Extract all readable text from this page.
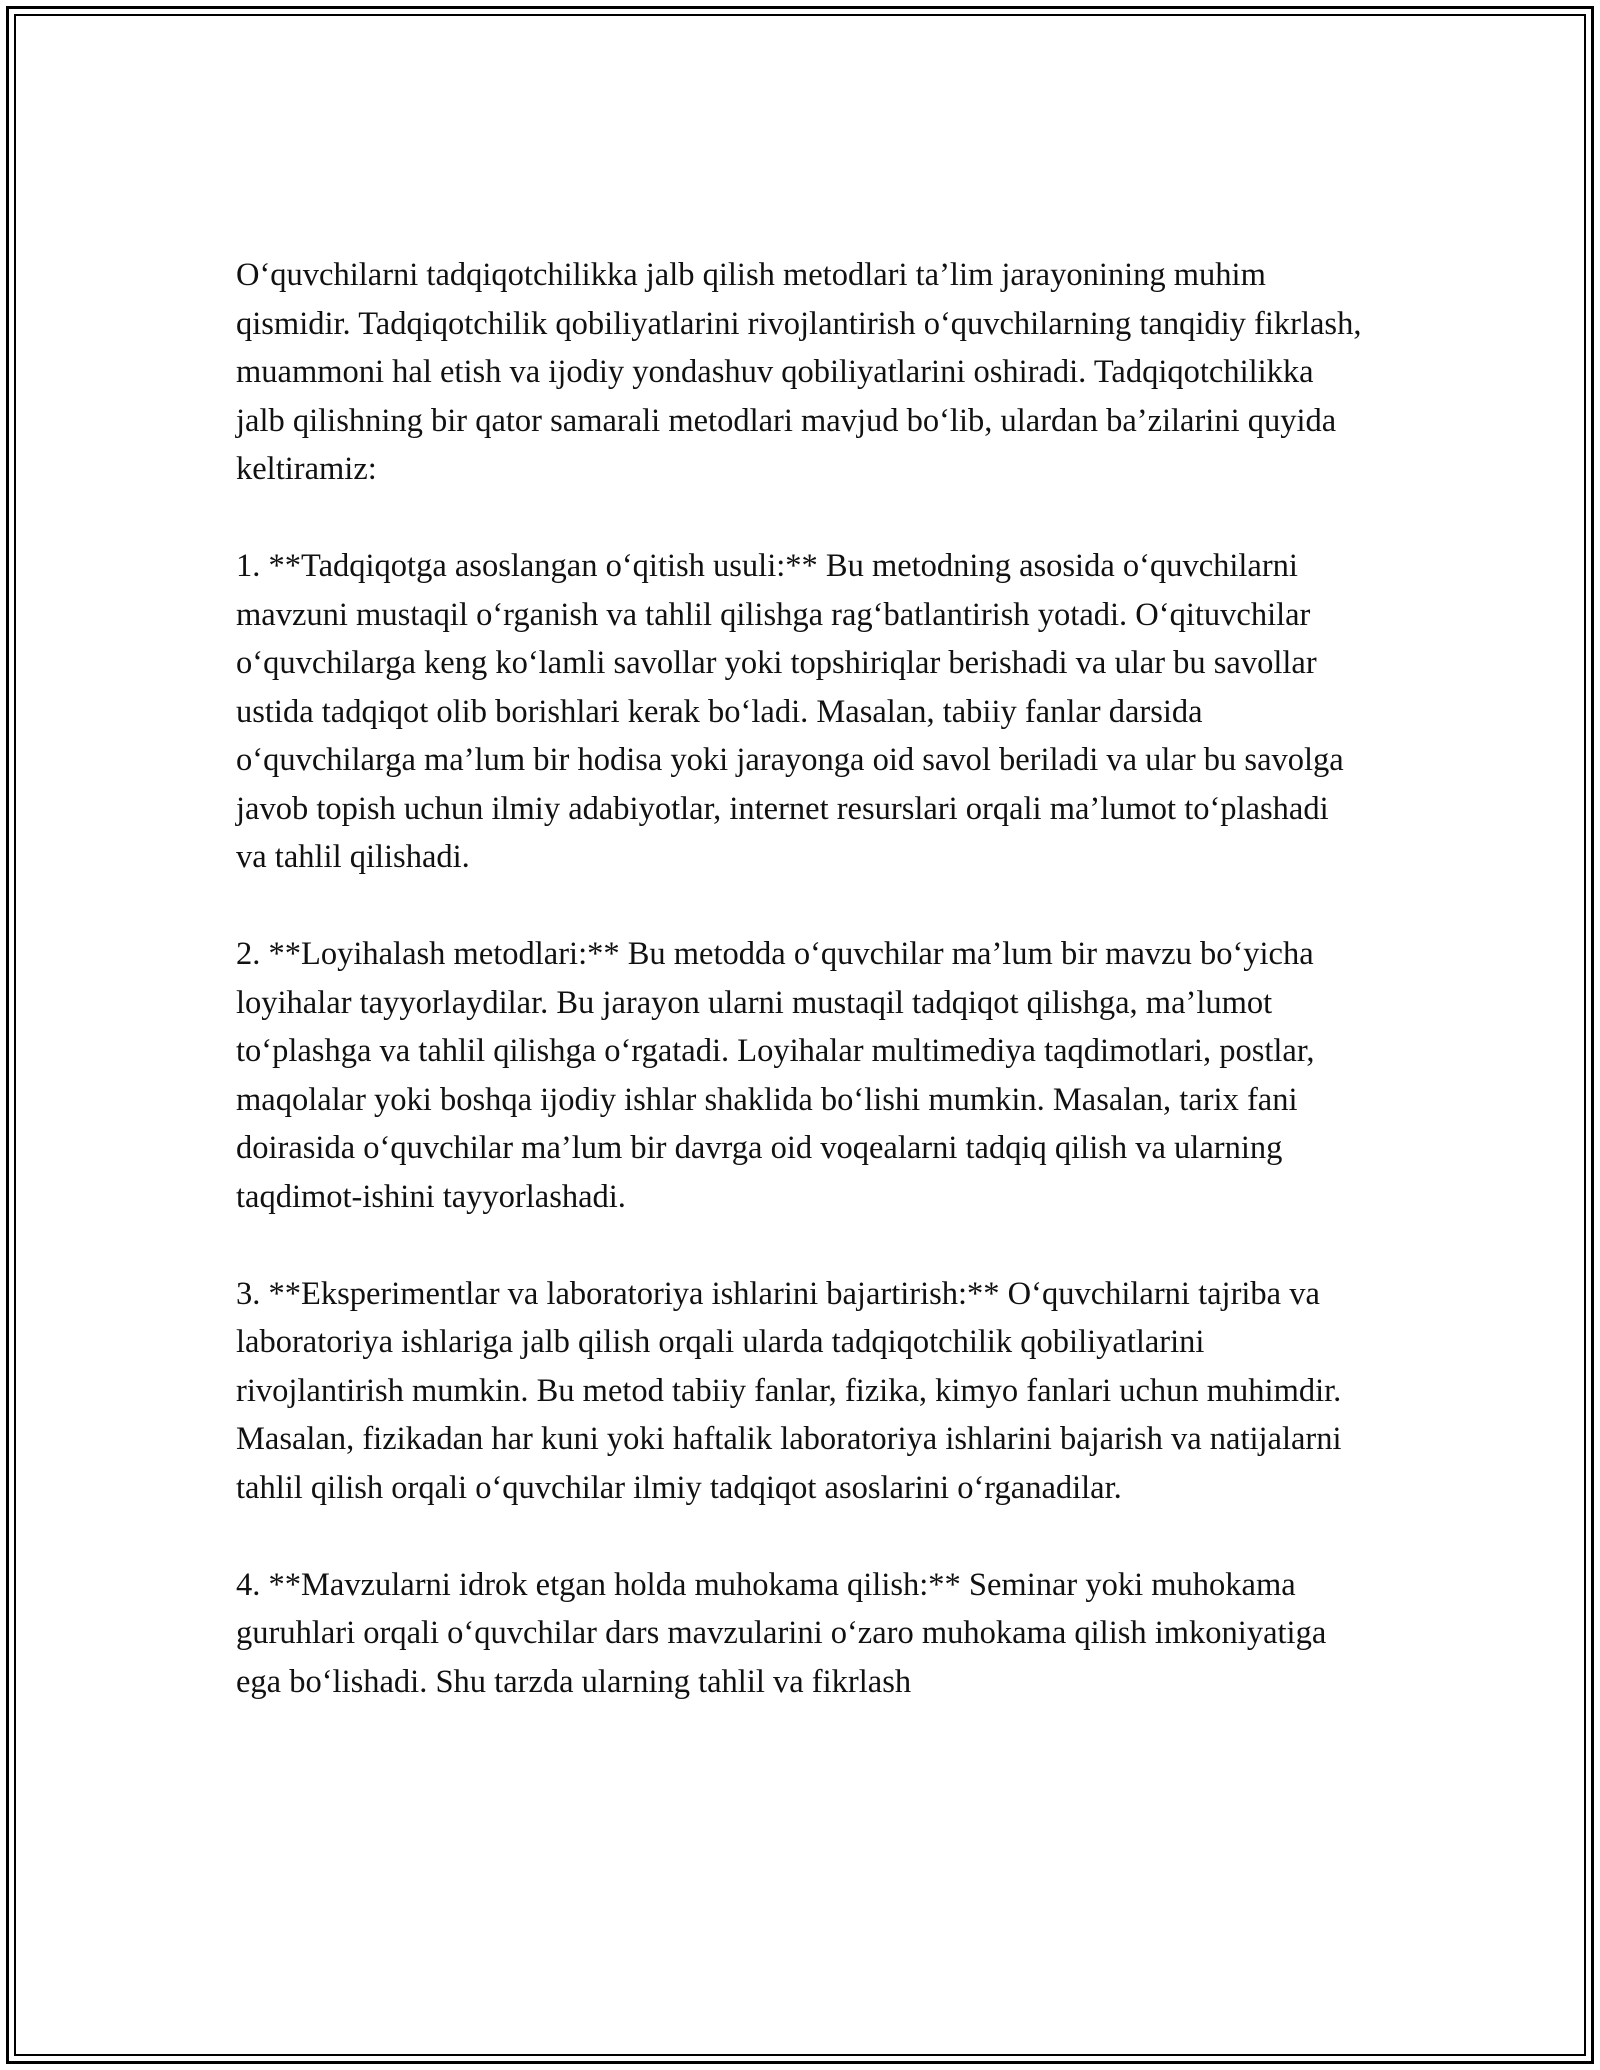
O‘quvchilarni tadqiqotchilikka jalb qilish metodlari ta’lim jarayonining muhim qismidir. Tadqiqotchilik qobiliyatlarini rivojlantirish o‘quvchilarning tanqidiy fikrlash, muammoni hal etish va ijodiy yondashuv qobiliyatlarini oshiradi. Tadqiqotchilikka jalb qilishning bir qator samarali metodlari mavjud bo‘lib, ulardan ba’zilarini quyida keltiramiz:

1. **Tadqiqotga asoslangan o‘qitish usuli:** Bu metodning asosida o‘quvchilarni mavzuni mustaqil o‘rganish va tahlil qilishga rag‘batlantirish yotadi. O‘qituvchilar o‘quvchilarga keng ko‘lamli savollar yoki topshiriqlar berishadi va ular bu savollar ustida tadqiqot olib borishlari kerak bo‘ladi. Masalan, tabiiy fanlar darsida o‘quvchilarga ma’lum bir hodisa yoki jarayonga oid savol beriladi va ular bu savolga javob topish uchun ilmiy adabiyotlar, internet resurslari orqali ma’lumot to‘plashadi va tahlil qilishadi.

2. **Loyihalash metodlari:** Bu metodda o‘quvchilar ma’lum bir mavzu bo‘yicha loyihalar tayyorlaydilar. Bu jarayon ularni mustaqil tadqiqot qilishga, ma’lumot to‘plashga va tahlil qilishga o‘rgatadi. Loyihalar multimediya taqdimotlari, postlar, maqolalar yoki boshqa ijodiy ishlar shaklida bo‘lishi mumkin. Masalan, tarix fani doirasida o‘quvchilar ma’lum bir davrga oid voqealarni tadqiq qilish va ularning taqdimot-ishini tayyorlashadi.

3. **Eksperimentlar va laboratoriya ishlarini bajartirish:** O‘quvchilarni tajriba va laboratoriya ishlariga jalb qilish orqali ularda tadqiqotchilik qobiliyatlarini rivojlantirish mumkin. Bu metod tabiiy fanlar, fizika, kimyo fanlari uchun muhimdir. Masalan, fizikadan har kuni yoki haftalik laboratoriya ishlarini bajarish va natijalarni tahlil qilish orqali o‘quvchilar ilmiy tadqiqot asoslarini o‘rganadilar.

4. **Mavzularni idrok etgan holda muhokama qilish:** Seminar yoki muhokama guruhlari orqali o‘quvchilar dars mavzularini o‘zaro muhokama qilish imkoniyatiga ega bo‘lishadi. Shu tarzda ularning tahlil va fikrlash
